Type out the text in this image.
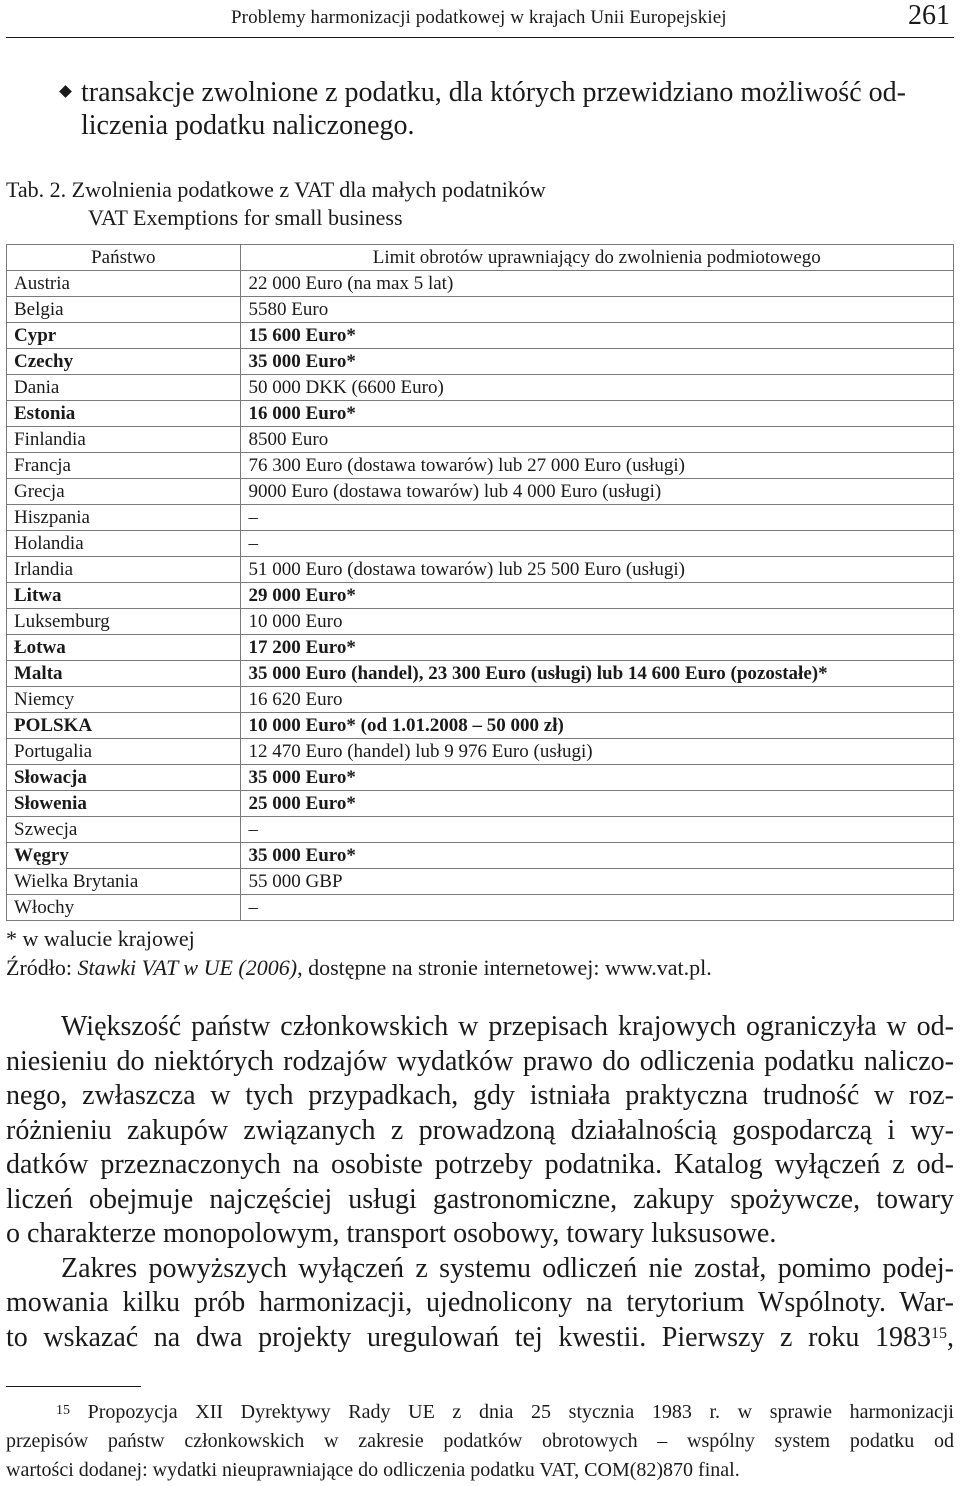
Problemy harmonizacji podatkowej w krajach Unii Europejskiej	261
transakcje zwolnione z podatku, dla których przewidziano możliwość od-
liczenia podatku naliczonego.
Tab. 2. Zwolnienia podatkowe z VAT dla małych podatników
VAT Exemptions for small business
Państwo	Limit obrotów uprawniający do zwolnienia podmiotowego
Austria	22 000 Euro (na max 5 lat)
Belgia	5580 Euro
Cypr	15 600 Euro*
Czechy	35 000 Euro*
Dania	50 000 DKK (6600 Euro)
Estonia	16 000 Euro*
Finlandia	8500 Euro
Francja	76 300 Euro (dostawa towarów) lub 27 000 Euro (usługi)
Grecja	9000 Euro (dostawa towarów) lub 4 000 Euro (usługi)
Hiszpania	–
Holandia	–
Irlandia	51 000 Euro (dostawa towarów) lub 25 500 Euro (usługi)
Litwa	29 000 Euro*
Luksemburg	10 000 Euro
Łotwa	17 200 Euro*
Malta	35 000 Euro (handel), 23 300 Euro (usługi) lub 14 600 Euro (pozostałe)*
Niemcy	16 620 Euro
POLSKA	10 000 Euro* (od 1.01.2008 – 50 000 zł)
Portugalia	12 470 Euro (handel) lub 9 976 Euro (usługi)
Słowacja	35 000 Euro*
Słowenia	25 000 Euro*
Szwecja	–
Węgry	35 000 Euro*
Wielka Brytania	55 000 GBP
Włochy	–
* w walucie krajowej
Źródło: Stawki VAT w UE (2006), dostępne na stronie internetowej: www.vat.pl.
Większość państw członkowskich w przepisach krajowych ograniczyła w od-
niesieniu do niektórych rodzajów wydatków prawo do odliczenia podatku naliczo-
nego, zwłaszcza w tych przypadkach, gdy istniała praktyczna trudność w roz-
różnieniu zakupów związanych z prowadzoną działalnością gospodarczą i wy-
datków przeznaczonych na osobiste potrzeby podatnika. Katalog wyłączeń z od-
liczeń obejmuje najczęściej usługi gastronomiczne, zakupy spożywcze, towary
o charakterze monopolowym, transport osobowy, towary luksusowe.
Zakres powyższych wyłączeń z systemu odliczeń nie został, pomimo podej-
mowania kilku prób harmonizacji, ujednolicony na terytorium Wspólnoty. War-
to wskazać na dwa projekty uregulowań tej kwestii. Pierwszy z roku 1983$^{15}$,
$^{15}$ Propozycja XII Dyrektywy Rady UE z dnia 25 stycznia 1983 r. w sprawie harmonizacji
przepisów państw członkowskich w zakresie podatków obrotowych – wspólny system podatku od
wartości dodanej: wydatki nieuprawniające do odliczenia podatku VAT, COM(82)870 final.
